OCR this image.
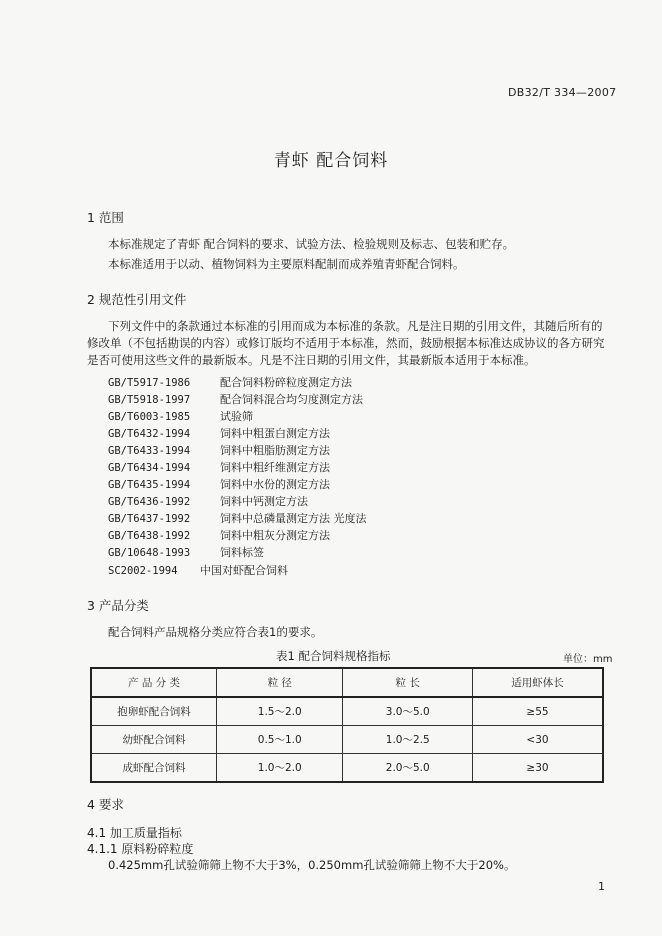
DB32/T 334—2007
青虾 配合饲料
1 范围
本标准规定了青虾 配合饲料的要求、试验方法、检验规则及标志、包装和贮存。
本标准适用于以动、植物饲料为主要原料配制而成养殖青虾配合饲料。
2 规范性引用文件
下列文件中的条款通过本标准的引用而成为本标准的条款。凡是注日期的引用文件，其随后所有的
修改单（不包括勘误的内容）或修订版均不适用于本标准，然而，鼓励根据本标准达成协议的各方研究
是否可使用这些文件的最新版本。凡是不注日期的引用文件，其最新版本适用于本标准。
GB/T5917-1986	配合饲料粉碎粒度测定方法
GB/T5918-1997	配合饲料混合均匀度测定方法
GB/T6003-1985	试验筛
GB/T6432-1994	饲料中粗蛋白测定方法
GB/T6433-1994	饲料中粗脂肪测定方法
GB/T6434-1994	饲料中粗纤维测定方法
GB/T6435-1994	饲料中水份的测定方法
GB/T6436-1992	饲料中钙测定方法
GB/T6437-1992	饲料中总磷量测定方法 光度法
GB/T6438-1992	饲料中粗灰分测定方法
GB/10648-1993	饲料标签
SC2002-1994 中国对虾配合饲料
3 产品分类
配合饲料产品规格分类应符合表1的要求。
表1 配合饲料规格指标	单位：mm
产 品 分 类	粒 径	粒 长	适用虾体长
抱卵虾配合饲料	1.5～2.0	3.0～5.0	≥55
幼虾配合饲料	0.5～1.0	1.0～2.5	<30
成虾配合饲料	1.0～2.0	2.0～5.0	≥30
4 要求
4.1 加工质量指标
4.1.1 原料粉碎粒度
0.425mm孔试验筛筛上物不大于3%，0.250mm孔试验筛筛上物不大于20%。
1
